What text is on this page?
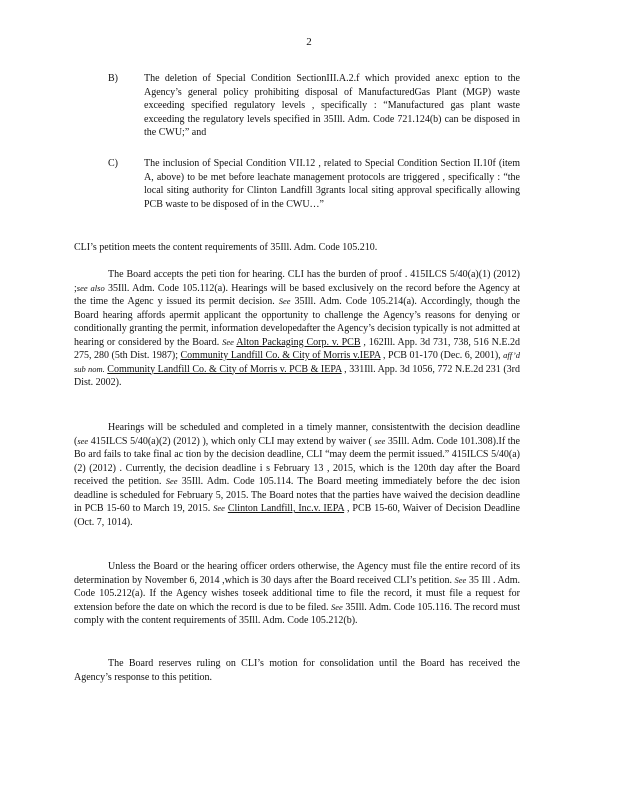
2
B)	The deletion of Special Condition SectionIII.A.2.f which provided anexc eption to the Agency’s general policy prohibiting disposal of ManufacturedGas Plant (MGP) waste exceeding specified regulatory levels , specifically : “Manufactured gas plant waste exceeding the regulatory levels specified in 35Ill. Adm. Code 721.124(b) can be disposed in the CWU;” and
C)	The inclusion of Special Condition VII.12 , related to Special Condition Section II.10f (item A, above) to be met before leachate management protocols are triggered , specifically : “the local siting authority for Clinton Landfill 3grants local siting approval specifically allowing PCB waste to be disposed of in the CWU…”
CLI’s petition meets the content requirements of 35Ill. Adm. Code 105.210.
The Board accepts the peti tion for hearing. CLI has the burden of proof . 415ILCS 5/40(a)(1) (2012) ;see also 35Ill. Adm. Code 105.112(a). Hearings will be based exclusively on the record before the Agency at the time the Agenc y issued its permit decision. See 35Ill. Adm. Code 105.214(a). Accordingly, though the Board hearing affords apermit applicant the opportunity to challenge the Agency’s reasons for denying or conditionally granting the permit, information developedafter the Agency’s decision typically is not admitted at hearing or considered by the Board. See Alton Packaging Corp. v. PCB , 162Ill. App. 3d 731, 738, 516 N.E.2d 275, 280 (5th Dist. 1987); Community Landfill Co. & City of Morris v.IEPA , PCB 01-170 (Dec. 6, 2001), aff’d sub nom. Community Landfill Co. & City of Morris v. PCB & IEPA , 331Ill. App. 3d 1056, 772 N.E.2d 231 (3rd Dist. 2002).
Hearings will be scheduled and completed in a timely manner, consistentwith the decision deadline (see 415ILCS 5/40(a)(2) (2012) ), which only CLI may extend by waiver ( see 35Ill. Adm. Code 101.308).If the Bo ard fails to take final ac tion by the decision deadline, CLI “may deem the permit issued.” 415ILCS 5/40(a)(2) (2012) . Currently, the decision deadline i s February 13 , 2015, which is the 120th day after the Board received the petition. See 35Ill. Adm. Code 105.114. The Board meeting immediately before the dec ision deadline is scheduled for February 5, 2015. The Board notes that the parties have waived the decision deadline in PCB 15-60 to March 19, 2015. See Clinton Landfill, Inc.v. IEPA , PCB 15-60, Waiver of Decision Deadline (Oct. 7, 1014).
Unless the Board or the hearing officer orders otherwise, the Agency must file the entire record of its determination by November 6, 2014 ,which is 30 days after the Board received CLI’s petition. See 35 Ill . Adm. Code 105.212(a). If the Agency wishes toseek additional time to file the record, it must file a request for extension before the date on which the record is due to be filed. See 35Ill. Adm. Code 105.116. The record must comply with the content requirements of 35Ill. Adm. Code 105.212(b).
The Board reserves ruling on CLI’s motion for consolidation until the Board has received the Agency’s response to this petition.
